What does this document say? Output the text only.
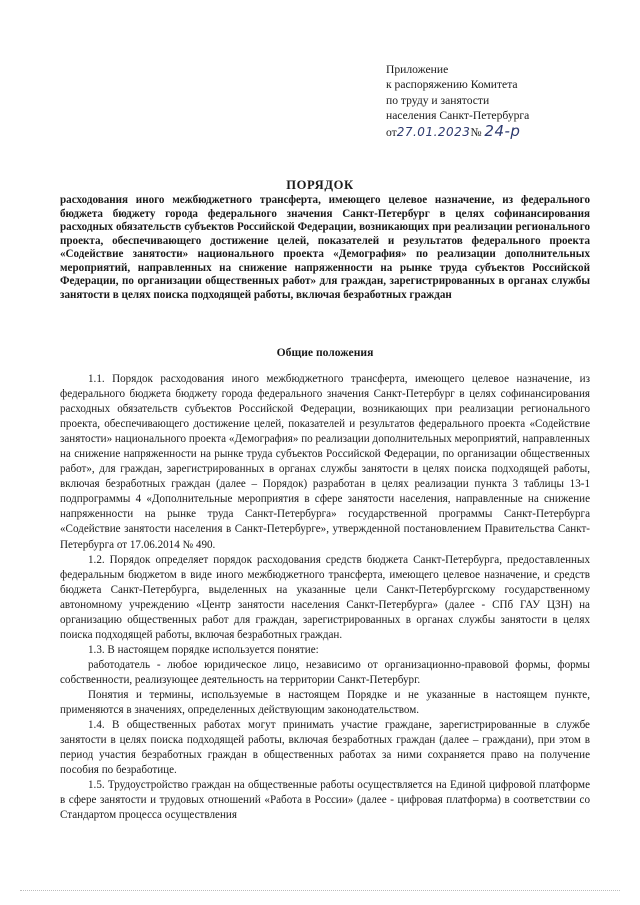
Приложение
к распоряжению Комитета
по труду и занятости
населения Санкт-Петербурга
от27.01.2023№ 24-р
ПОРЯДОК
расходования иного межбюджетного трансферта, имеющего целевое назначение, из федерального бюджета бюджету города федерального значения Санкт-Петербург в целях софинансирования расходных обязательств субъектов Российской Федерации, возникающих при реализации регионального проекта, обеспечивающего достижение целей, показателей и результатов федерального проекта «Содействие занятости» национального проекта «Демография» по реализации дополнительных мероприятий, направленных на снижение напряженности на рынке труда субъектов Российской Федерации, по организации общественных работ» для граждан, зарегистрированных в органах службы занятости в целях поиска подходящей работы, включая безработных граждан
Общие положения

1.1. Порядок расходования иного межбюджетного трансферта, имеющего целевое назначение, из федерального бюджета бюджету города федерального значения Санкт-Петербург в целях софинансирования расходных обязательств субъектов Российской Федерации, возникающих при реализации регионального проекта, обеспечивающего достижение целей, показателей и результатов федерального проекта «Содействие занятости» национального проекта «Демография» по реализации дополнительных мероприятий, направленных на снижение напряженности на рынке труда субъектов Российской Федерации, по организации общественных работ», для граждан, зарегистрированных в органах службы занятости в целях поиска подходящей работы, включая безработных граждан (далее – Порядок) разработан в целях реализации пункта 3 таблицы 13-1 подпрограммы 4 «Дополнительные мероприятия в сфере занятости населения, направленные на снижение напряженности на рынке труда Санкт-Петербурга» государственной программы Санкт-Петербурга «Содействие занятости населения в Санкт-Петербурге», утвержденной постановлением Правительства Санкт-Петербурга от 17.06.2014 № 490.

1.2. Порядок определяет порядок расходования средств бюджета Санкт-Петербурга, предоставленных федеральным бюджетом в виде иного межбюджетного трансферта, имеющего целевое назначение, и средств бюджета Санкт-Петербурга, выделенных на указанные цели Санкт-Петербургскому государственному автономному учреждению «Центр занятости населения Санкт-Петербурга» (далее - СПб ГАУ ЦЗН) на организацию общественных работ для граждан, зарегистрированных в органах службы занятости в целях поиска подходящей работы, включая безработных граждан.

1.3. В настоящем порядке используется понятие:

работодатель - любое юридическое лицо, независимо от организационно-правовой формы, формы собственности, реализующее деятельность на территории Санкт-Петербург.

Понятия и термины, используемые в настоящем Порядке и не указанные в настоящем пункте, применяются в значениях, определенных действующим законодательством.

1.4. В общественных работах могут принимать участие граждане, зарегистрированные в службе занятости в целях поиска подходящей работы, включая безработных граждан (далее – граждани), при этом в период участия безработных граждан в общественных работах за ними сохраняется право на получение пособия по безработице.

1.5. Трудоустройство граждан на общественные работы осуществляется на Единой цифровой платформе в сфере занятости и трудовых отношений «Работа в России» (далее - цифровая платформа) в соответствии со Стандартом процесса осуществления
